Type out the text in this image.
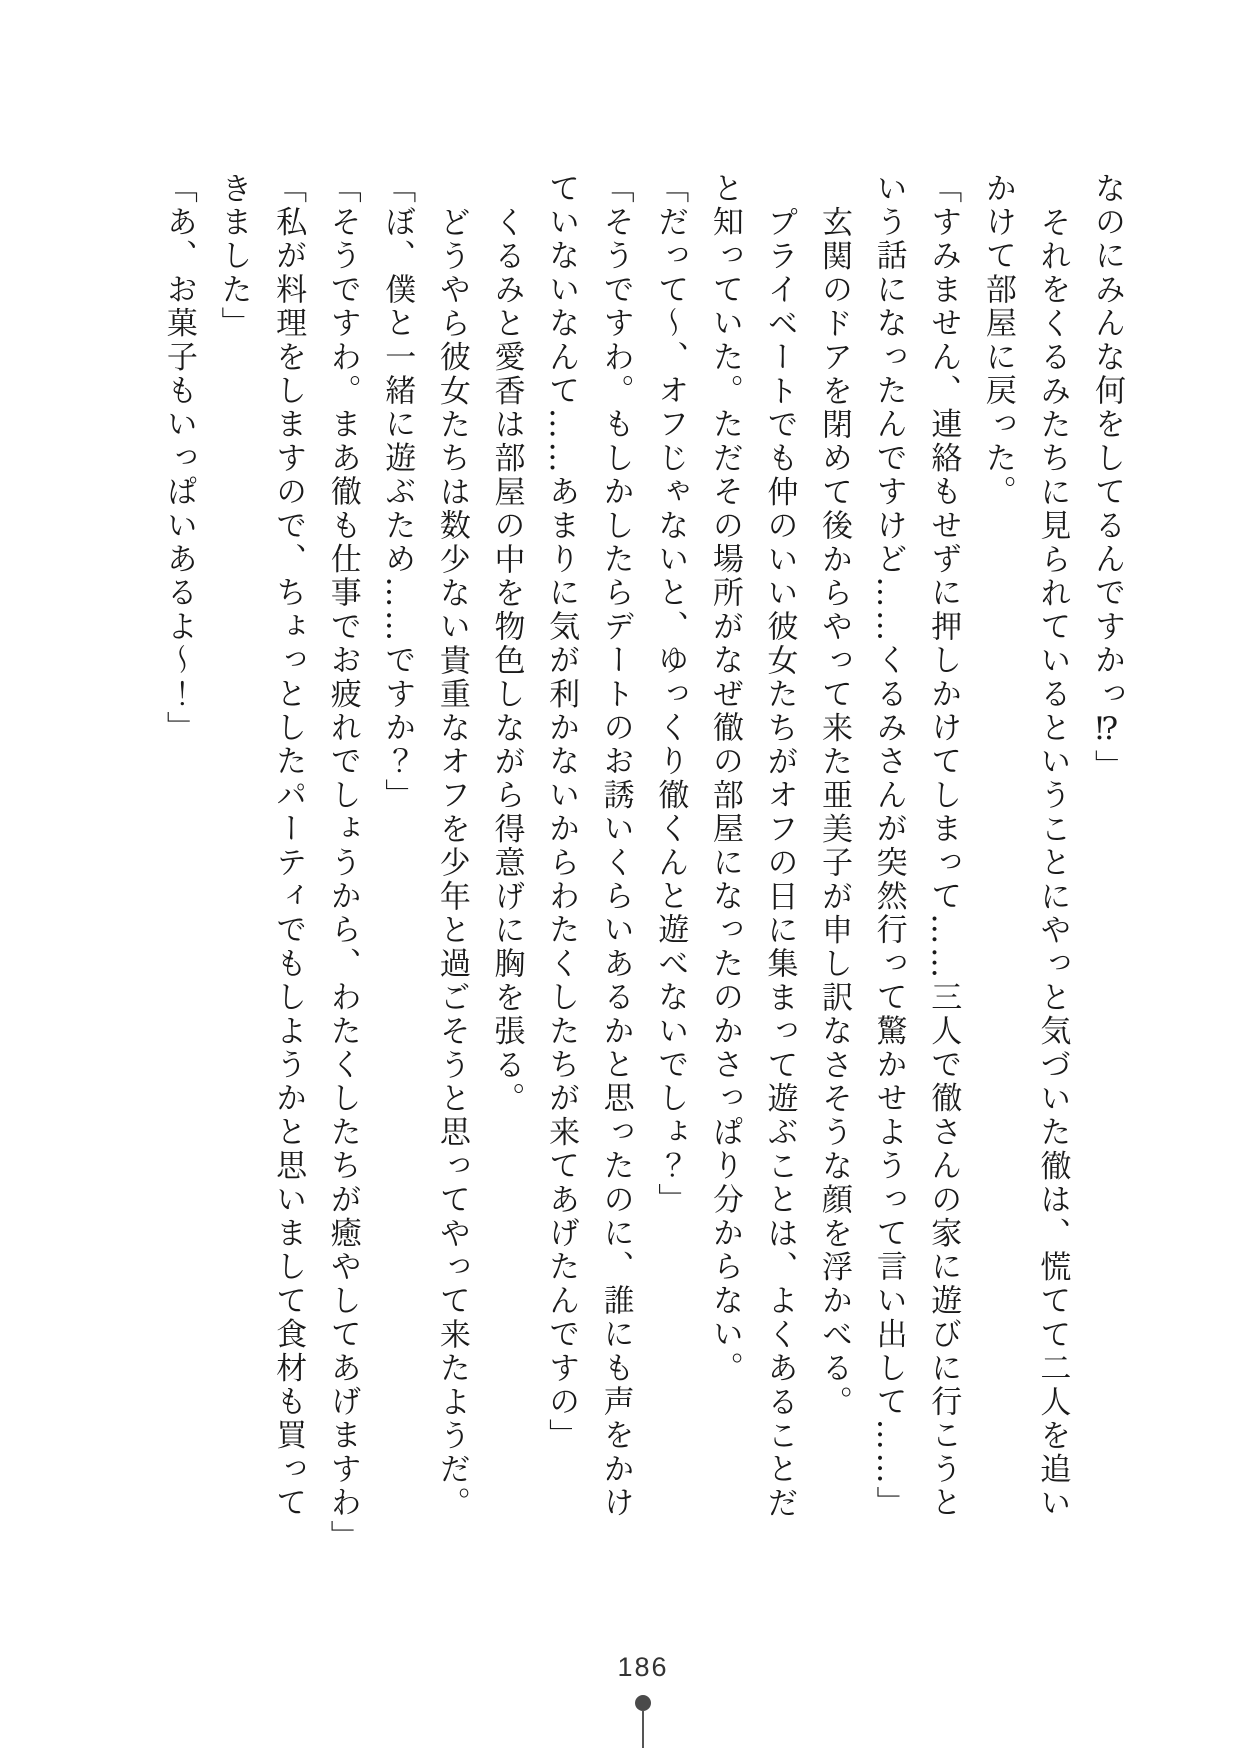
なのにみんな何をしてるんですかっ⁉」
それをくるみたちに見られているということにやっと気づいた徹は、慌てて二人を追い
かけて部屋に戻った。
「すみません、連絡もせずに押しかけてしまって……三人で徹さんの家に遊びに行こうと
いう話になったんですけど……くるみさんが突然行って驚かせようって言い出して……」
玄関のドアを閉めて後からやって来た亜美子が申し訳なさそうな顔を浮かべる。
プライベートでも仲のいい彼女たちがオフの日に集まって遊ぶことは、よくあることだ
と知っていた。ただその場所がなぜ徹の部屋になったのかさっぱり分からない。
「だって～、オフじゃないと、ゆっくり徹くんと遊べないでしょ？」
「そうですわ。もしかしたらデートのお誘いくらいあるかと思ったのに、誰にも声をかけ
ていないなんて……あまりに気が利かないからわたくしたちが来てあげたんですの」
くるみと愛香は部屋の中を物色しながら得意げに胸を張る。
どうやら彼女たちは数少ない貴重なオフを少年と過ごそうと思ってやって来たようだ。
「ぼ、僕と一緒に遊ぶため……ですか？」
「そうですわ。まあ徹も仕事でお疲れでしょうから、わたくしたちが癒やしてあげますわ」
「私が料理をしますので、ちょっとしたパーティでもしようかと思いまして食材も買って
きました」
「あ、お菓子もいっぱいあるよ～！」
186
